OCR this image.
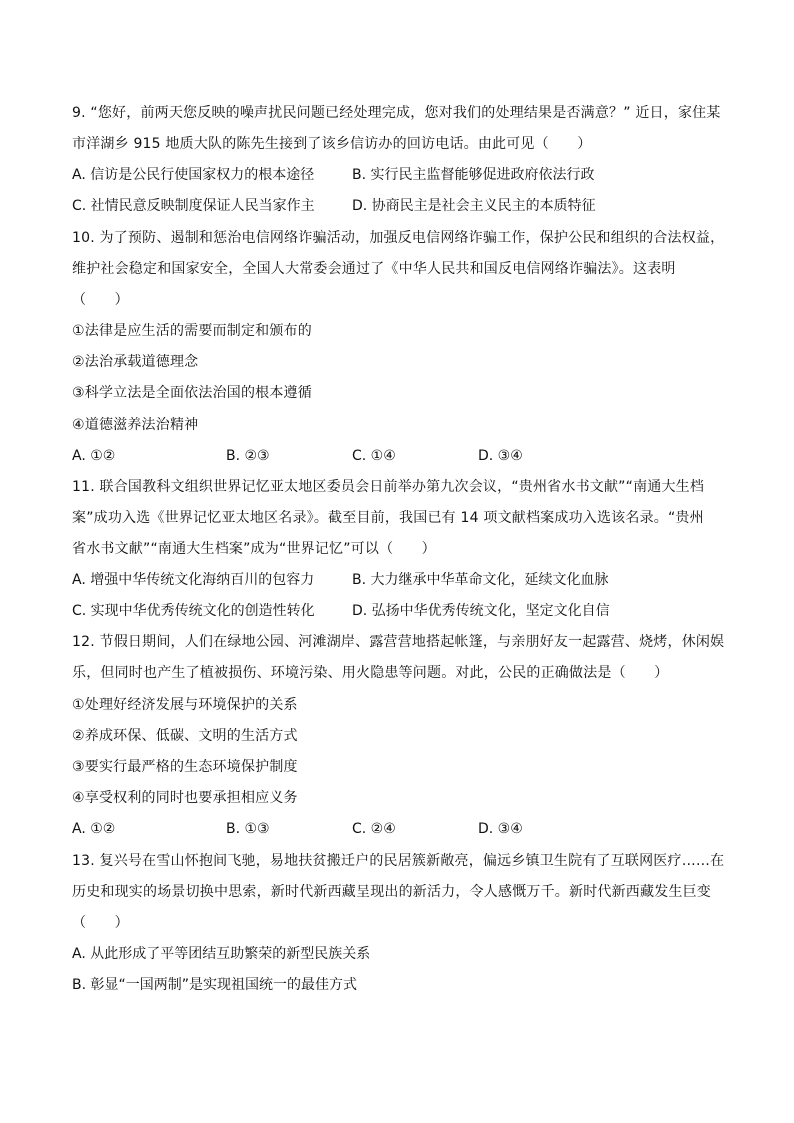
9. “您好，前两天您反映的噪声扰民问题已经处理完成，您对我们的处理结果是否满意？” 近日，家住某
市洋湖乡 915 地质大队的陈先生接到了该乡信访办的回访电话。由此可见（　　）
A. 信访是公民行使国家权力的根本途径	B. 实行民主监督能够促进政府依法行政
C. 社情民意反映制度保证人民当家作主	D. 协商民主是社会主义民主的本质特征
10. 为了预防、遏制和惩治电信网络诈骗活动，加强反电信网络诈骗工作，保护公民和组织的合法权益，
维护社会稳定和国家安全，全国人大常委会通过了《中华人民共和国反电信网络诈骗法》。这表明
（　　）
①法律是应生活的需要而制定和颁布的
②法治承载道德理念
③科学立法是全面依法治国的根本遵循
④道德滋养法治精神
A. ①②	B. ②③	C. ①④	D. ③④
11. 联合国教科文组织世界记忆亚太地区委员会日前举办第九次会议，“贵州省水书文献”“南通大生档
案”成功入选《世界记忆亚太地区名录》。截至目前，我国已有 14 项文献档案成功入选该名录。“贵州
省水书文献”“南通大生档案”成为“世界记忆”可以（　　）
A. 增强中华传统文化海纳百川的包容力	B. 大力继承中华革命文化，延续文化血脉
C. 实现中华优秀传统文化的创造性转化	D. 弘扬中华优秀传统文化，坚定文化自信
12. 节假日期间，人们在绿地公园、河滩湖岸、露营营地搭起帐篷，与亲朋好友一起露营、烧烤，休闲娱
乐，但同时也产生了植被损伤、环境污染、用火隐患等问题。对此，公民的正确做法是（　　）
①处理好经济发展与环境保护的关系
②养成环保、低碳、文明的生活方式
③要实行最严格的生态环境保护制度
④享受权利的同时也要承担相应义务
A. ①②	B. ①③	C. ②④	D. ③④
13. 复兴号在雪山怀抱间飞驰，易地扶贫搬迁户的民居簇新敞亮，偏远乡镇卫生院有了互联网医疗……在
历史和现实的场景切换中思索，新时代新西藏呈现出的新活力，令人感慨万千。新时代新西藏发生巨变
（　　）
A. 从此形成了平等团结互助繁荣的新型民族关系
B. 彰显“一国两制”是实现祖国统一的最佳方式
